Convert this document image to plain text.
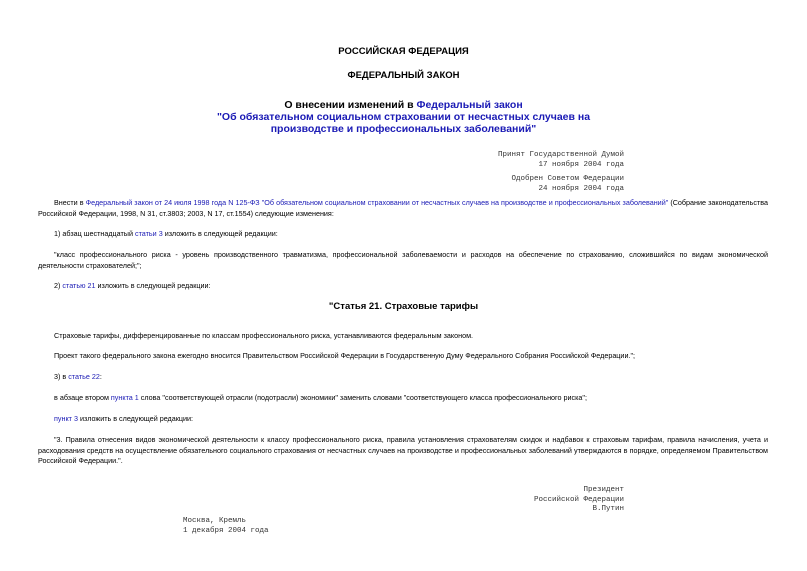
РОССИЙСКАЯ ФЕДЕРАЦИЯ
ФЕДЕРАЛЬНЫЙ ЗАКОН
О внесении изменений в Федеральный закон
"Об обязательном социальном страховании от несчастных случаев на
производстве и профессиональных заболеваний"
Принят Государственной Думой
17 ноября 2004 года
Одобрен Советом Федерации
24 ноября 2004 года
Внести в Федеральный закон от 24 июля 1998 года N 125-ФЗ "Об обязательном социальном страховании от несчастных случаев на производстве и профессиональных заболеваний" (Собрание законодательства Российской Федерации, 1998, N 31, ст.3803; 2003, N 17, ст.1554) следующие изменения:
1) абзац шестнадцатый статьи 3 изложить в следующей редакции:
"класс профессионального риска - уровень производственного травматизма, профессиональной заболеваемости и расходов на обеспечение по страхованию, сложившийся по видам экономической деятельности страхователей;";
2) статью 21 изложить в следующей редакции:
"Статья 21. Страховые тарифы
Страховые тарифы, дифференцированные по классам профессионального риска, устанавливаются федеральным законом.
Проект такого федерального закона ежегодно вносится Правительством Российской Федерации в Государственную Думу Федерального Собрания Российской Федерации.";
3) в статье 22:
в абзаце втором пункта 1 слова "соответствующей отрасли (подотрасли) экономики" заменить словами "соответствующего класса профессионального риска";
пункт 3 изложить в следующей редакции:
"3. Правила отнесения видов экономической деятельности к классу профессионального риска, правила установления страхователям скидок и надбавок к страховым тарифам, правила начисления, учета и расходования средств на осуществление обязательного социального страхования от несчастных случаев на производстве и профессиональных заболеваний утверждаются в порядке, определяемом Правительством Российской Федерации.".
Президент
Российской Федерации
В.Путин
Москва, Кремль
1 декабря 2004 года
